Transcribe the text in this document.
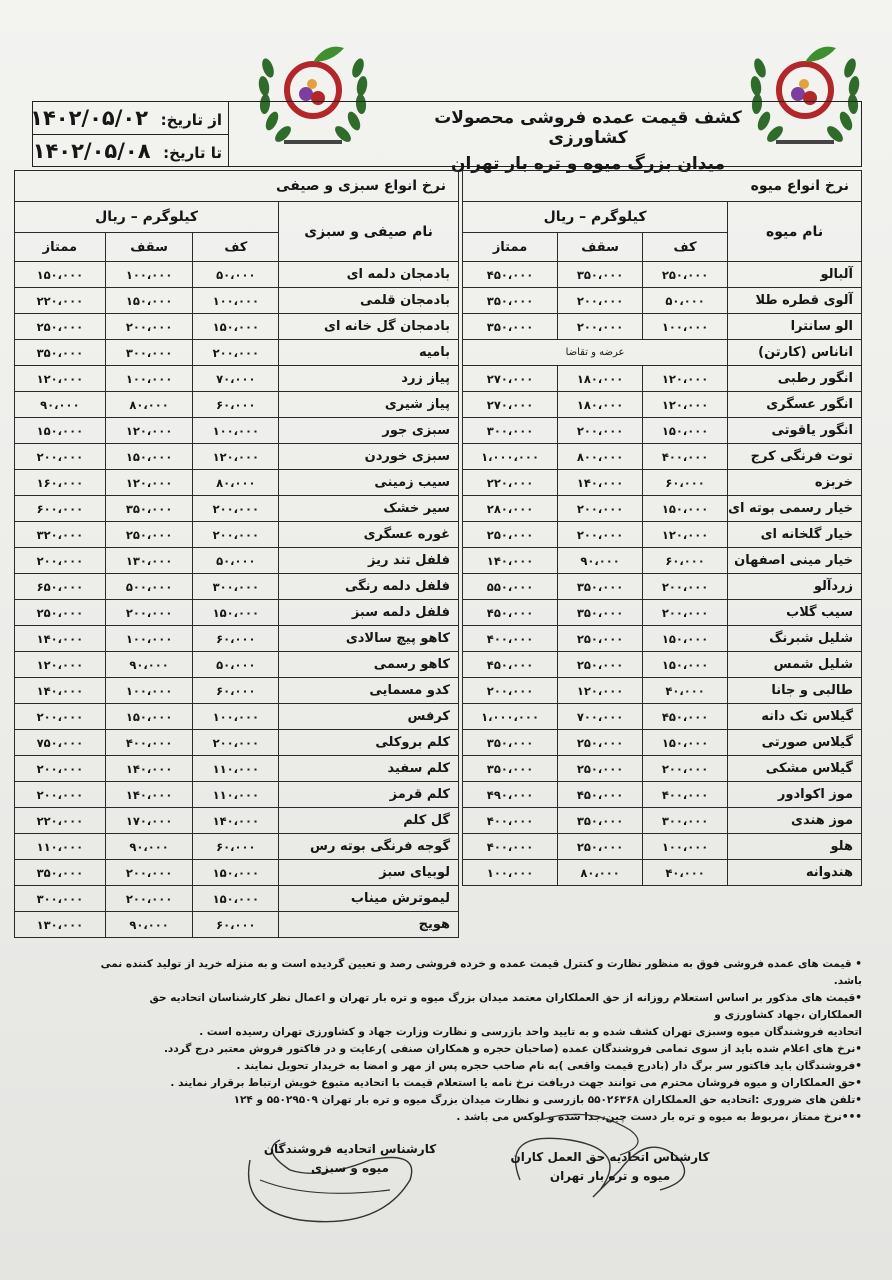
از تاریخ: ۱۴۰۲/۰۵/۰۲
تا تاریخ: ۱۴۰۲/۰۵/۰۸
کشف قیمت عمده فروشی محصولات کشاورزی
میدان بزرگ میوه و تره بار تهران
نرخ انواع میوه			
نام میوه	کیلوگرم – ریال		
	کف	سقف	ممتاز
آلبالو	۲۵۰،۰۰۰	۳۵۰،۰۰۰	۴۵۰،۰۰۰
آلوی قطره طلا	۵۰،۰۰۰	۲۰۰،۰۰۰	۳۵۰،۰۰۰
الو سانترا	۱۰۰،۰۰۰	۲۰۰،۰۰۰	۳۵۰،۰۰۰
اناناس (کارتن)	عرضه و تقاضا		
انگور رطبی	۱۲۰،۰۰۰	۱۸۰،۰۰۰	۲۷۰،۰۰۰
انگور عسگری	۱۲۰،۰۰۰	۱۸۰،۰۰۰	۲۷۰،۰۰۰
انگور یاقوتی	۱۵۰،۰۰۰	۲۰۰،۰۰۰	۳۰۰،۰۰۰
توت فرنگی کرج	۴۰۰،۰۰۰	۸۰۰،۰۰۰	۱،۰۰۰،۰۰۰
خربزه	۶۰،۰۰۰	۱۴۰،۰۰۰	۲۲۰،۰۰۰
خیار رسمی بوته ای	۱۵۰،۰۰۰	۲۰۰،۰۰۰	۲۸۰،۰۰۰
خیار گلخانه ای	۱۲۰،۰۰۰	۲۰۰،۰۰۰	۲۵۰،۰۰۰
خیار مینی اصفهان	۶۰،۰۰۰	۹۰،۰۰۰	۱۴۰،۰۰۰
زردآلو	۲۰۰،۰۰۰	۳۵۰،۰۰۰	۵۵۰،۰۰۰
سیب گلاب	۲۰۰،۰۰۰	۳۵۰،۰۰۰	۴۵۰،۰۰۰
شلیل شبرنگ	۱۵۰،۰۰۰	۲۵۰،۰۰۰	۴۰۰،۰۰۰
شلیل شمس	۱۵۰،۰۰۰	۲۵۰،۰۰۰	۴۵۰،۰۰۰
طالبی و جانا	۴۰،۰۰۰	۱۲۰،۰۰۰	۲۰۰،۰۰۰
گیلاس تک دانه	۴۵۰،۰۰۰	۷۰۰،۰۰۰	۱،۰۰۰،۰۰۰
گیلاس صورتی	۱۵۰،۰۰۰	۲۵۰،۰۰۰	۳۵۰،۰۰۰
گیلاس مشکی	۲۰۰،۰۰۰	۲۵۰،۰۰۰	۳۵۰،۰۰۰
موز اکوادور	۴۰۰،۰۰۰	۴۵۰،۰۰۰	۴۹۰،۰۰۰
موز هندی	۳۰۰،۰۰۰	۳۵۰،۰۰۰	۴۰۰،۰۰۰
هلو	۱۰۰،۰۰۰	۲۵۰،۰۰۰	۴۰۰،۰۰۰
هندوانه	۴۰،۰۰۰	۸۰،۰۰۰	۱۰۰،۰۰۰
نرخ انواع سبزی و صیفی			
نام صیفی و سبزی	کیلوگرم – ریال		
	کف	سقف	ممتاز
بادمجان دلمه ای	۵۰،۰۰۰	۱۰۰،۰۰۰	۱۵۰،۰۰۰
بادمجان قلمی	۱۰۰،۰۰۰	۱۵۰،۰۰۰	۲۲۰،۰۰۰
بادمجان گل خانه ای	۱۵۰،۰۰۰	۲۰۰،۰۰۰	۲۵۰،۰۰۰
بامیه	۲۰۰،۰۰۰	۳۰۰،۰۰۰	۳۵۰،۰۰۰
پیاز زرد	۷۰،۰۰۰	۱۰۰،۰۰۰	۱۲۰،۰۰۰
پیاز شیری	۶۰،۰۰۰	۸۰،۰۰۰	۹۰،۰۰۰
سبزی جور	۱۰۰،۰۰۰	۱۲۰،۰۰۰	۱۵۰،۰۰۰
سبزی خوردن	۱۲۰،۰۰۰	۱۵۰،۰۰۰	۲۰۰،۰۰۰
سیب زمینی	۸۰،۰۰۰	۱۲۰،۰۰۰	۱۶۰،۰۰۰
سیر خشک	۲۰۰،۰۰۰	۳۵۰،۰۰۰	۶۰۰،۰۰۰
غوره عسگری	۲۰۰،۰۰۰	۲۵۰،۰۰۰	۳۲۰،۰۰۰
فلفل تند ریز	۵۰،۰۰۰	۱۳۰،۰۰۰	۲۰۰،۰۰۰
فلفل دلمه رنگی	۳۰۰،۰۰۰	۵۰۰،۰۰۰	۶۵۰،۰۰۰
فلفل دلمه سبز	۱۵۰،۰۰۰	۲۰۰،۰۰۰	۲۵۰،۰۰۰
کاهو پیچ سالادی	۶۰،۰۰۰	۱۰۰،۰۰۰	۱۴۰،۰۰۰
کاهو رسمی	۵۰،۰۰۰	۹۰،۰۰۰	۱۲۰،۰۰۰
کدو مسمایی	۶۰،۰۰۰	۱۰۰،۰۰۰	۱۴۰،۰۰۰
کرفس	۱۰۰،۰۰۰	۱۵۰،۰۰۰	۲۰۰،۰۰۰
کلم بروکلی	۲۰۰،۰۰۰	۴۰۰،۰۰۰	۷۵۰،۰۰۰
کلم سفید	۱۱۰،۰۰۰	۱۴۰،۰۰۰	۲۰۰،۰۰۰
کلم قرمز	۱۱۰،۰۰۰	۱۴۰،۰۰۰	۲۰۰،۰۰۰
گل کلم	۱۴۰،۰۰۰	۱۷۰،۰۰۰	۲۲۰،۰۰۰
گوجه فرنگی بوته رس	۶۰،۰۰۰	۹۰،۰۰۰	۱۱۰،۰۰۰
لوبیای سبز	۱۵۰،۰۰۰	۲۰۰،۰۰۰	۳۵۰،۰۰۰
لیموترش میناب	۱۵۰،۰۰۰	۲۰۰،۰۰۰	۳۰۰،۰۰۰
هویج	۶۰،۰۰۰	۹۰،۰۰۰	۱۳۰،۰۰۰

• قیمت های عمده فروشی فوق به منظور نظارت و کنترل قیمت عمده و خرده فروشی رصد و تعیین گردیده است و به منزله خرید از تولید کننده نمی باشد.

•قیمت های مذکور بر اساس استعلام روزانه از حق العملکاران معتمد میدان بزرگ میوه و تره بار تهران و اعمال نظر کارشناسان اتحادیه حق العملکاران ،جهاد کشاورزی و

اتحادیه فروشندگان میوه وسبزی تهران کشف شده و به تایید واحد بازرسی و نظارت وزارت جهاد و کشاورزی تهران رسیده است .

•نرخ های اعلام شده باید از سوی تمامی فروشندگان عمده (صاحبان حجره و همکاران صنفی )رعایت و در فاکتور فروش معتبر درج گردد.

•فروشندگان باید فاکتور سر برگ دار (بادرج قیمت واقعی )به نام صاحب حجره پس از مهر و امضا به خریدار تحویل نمایند .

•حق العملکاران و میوه فروشان محترم می توانند جهت دریافت نرخ نامه یا استعلام قیمت با اتحادیه متبوع خویش ارتباط برقرار نمایند .

•تلفن های ضروری :اتحادیه حق العملکاران ۵۵۰۲۶۳۶۸ بازرسی و نظارت میدان بزرگ میوه و تره بار تهران ۵۵۰۲۹۵۰۹ و ۱۲۴

•••نرخ ممتاز ،مربوط به میوه و تره بار دست چین،جدا شده و لوکس می باشد .

کارشناس اتحادیه فروشندگان
میوه و سبزی
کارشناس اتحادیه حق العمل کاران
میوه و تره بار تهران
